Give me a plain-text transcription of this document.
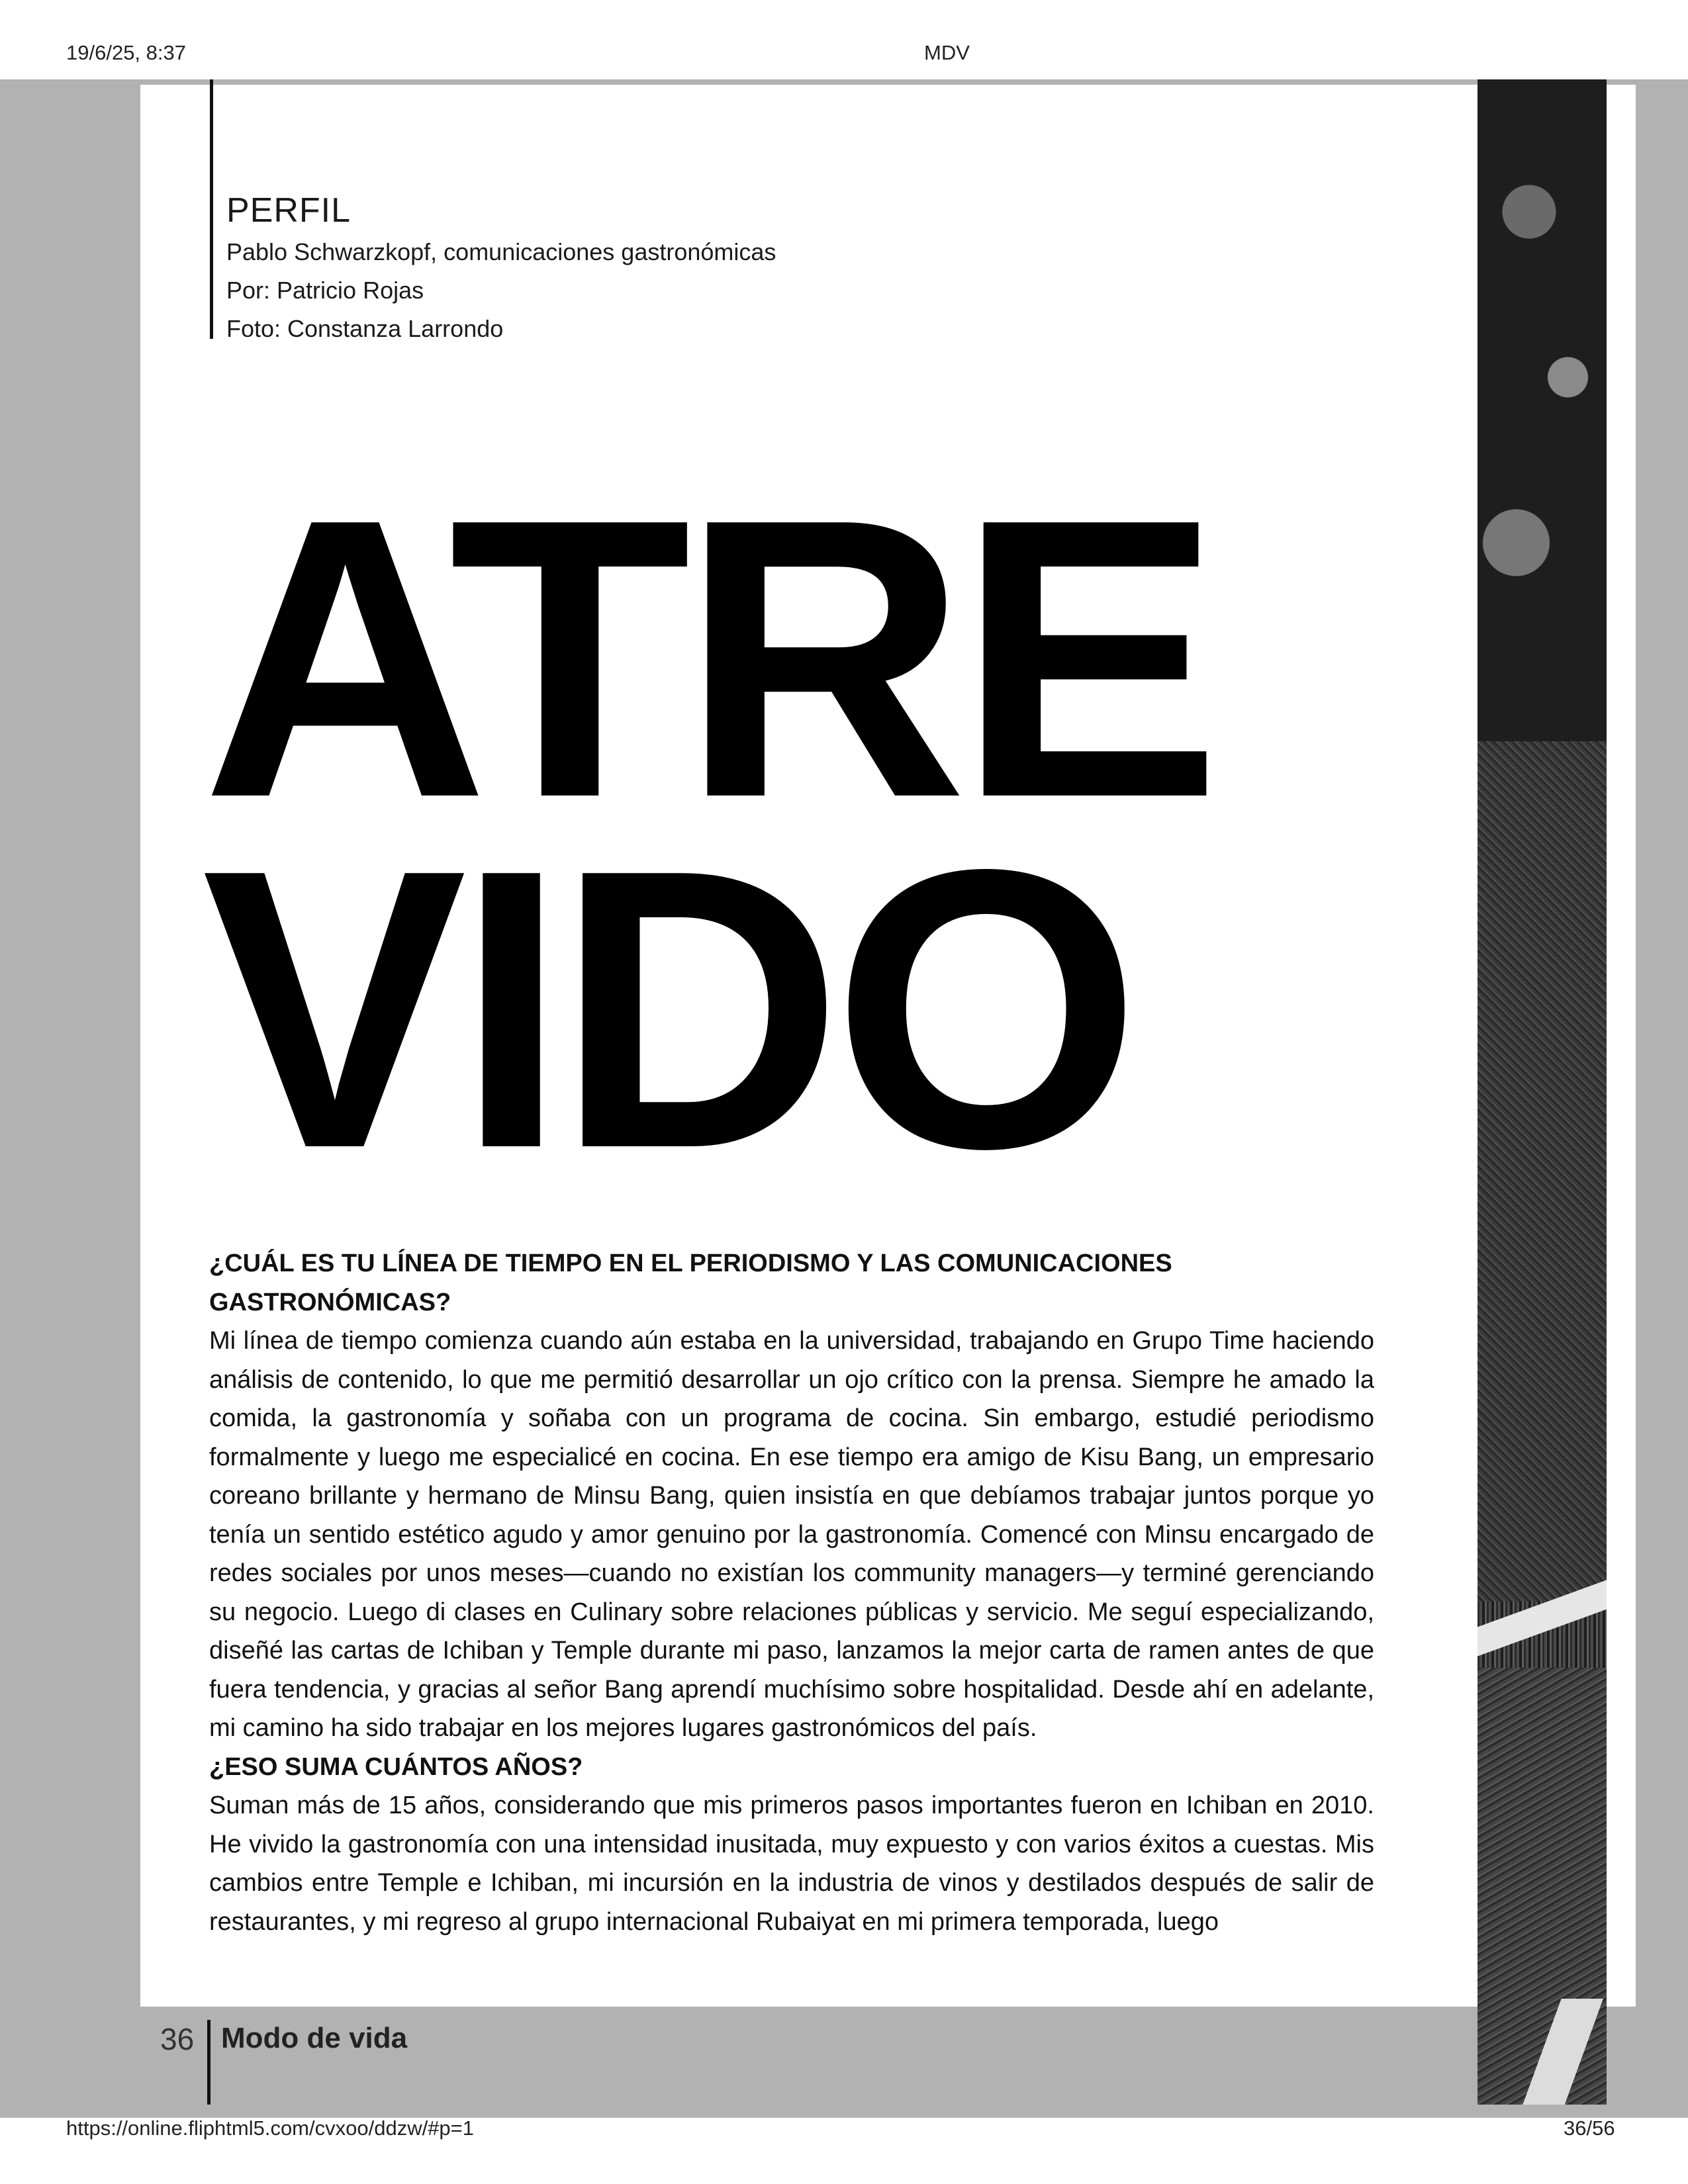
19/6/25, 8:37	MDV
PERFIL
Pablo Schwarzkopf, comunicaciones gastronómicas
Por: Patricio Rojas
Foto: Constanza Larrondo
ATRE
VIDO
¿CUÁL ES TU LÍNEA DE TIEMPO EN EL PERIODISMO Y LAS COMUNICACIONES GASTRONÓMICAS?

Mi línea de tiempo comienza cuando aún estaba en la universidad, trabajando en Grupo Time haciendo análisis de contenido, lo que me permitió desarrollar un ojo crítico con la prensa. Siempre he amado la comida, la gastronomía y soñaba con un programa de cocina. Sin embargo, estudié periodismo formalmente y luego me especialicé en cocina. En ese tiempo era amigo de Kisu Bang, un empresario coreano brillante y hermano de Minsu Bang, quien insistía en que debíamos trabajar juntos porque yo tenía un sentido estético agudo y amor genuino por la gastronomía. Comencé con Minsu encargado de redes sociales por unos meses—cuando no existían los community managers—y terminé gerenciando su negocio. Luego di clases en Culinary sobre relaciones públicas y servicio. Me seguí especializando, diseñé las cartas de Ichiban y Temple durante mi paso, lanzamos la mejor carta de ramen antes de que fuera tendencia, y gracias al señor Bang aprendí muchísimo sobre hospitalidad. Desde ahí en adelante, mi camino ha sido trabajar en los mejores lugares gastronómicos del país.

¿ESO SUMA CUÁNTOS AÑOS?

Suman más de 15 años, considerando que mis primeros pasos importantes fueron en Ichiban en 2010. He vivido la gastronomía con una intensidad inusitada, muy expuesto y con varios éxitos a cuestas. Mis cambios entre Temple e Ichiban, mi incursión en la industria de vinos y destilados después de salir de restaurantes, y mi regreso al grupo internacional Rubaiyat en mi primera temporada, luego

36 Modo de vida
https://online.fliphtml5.com/cvxoo/ddzw/#p=1	36/56
